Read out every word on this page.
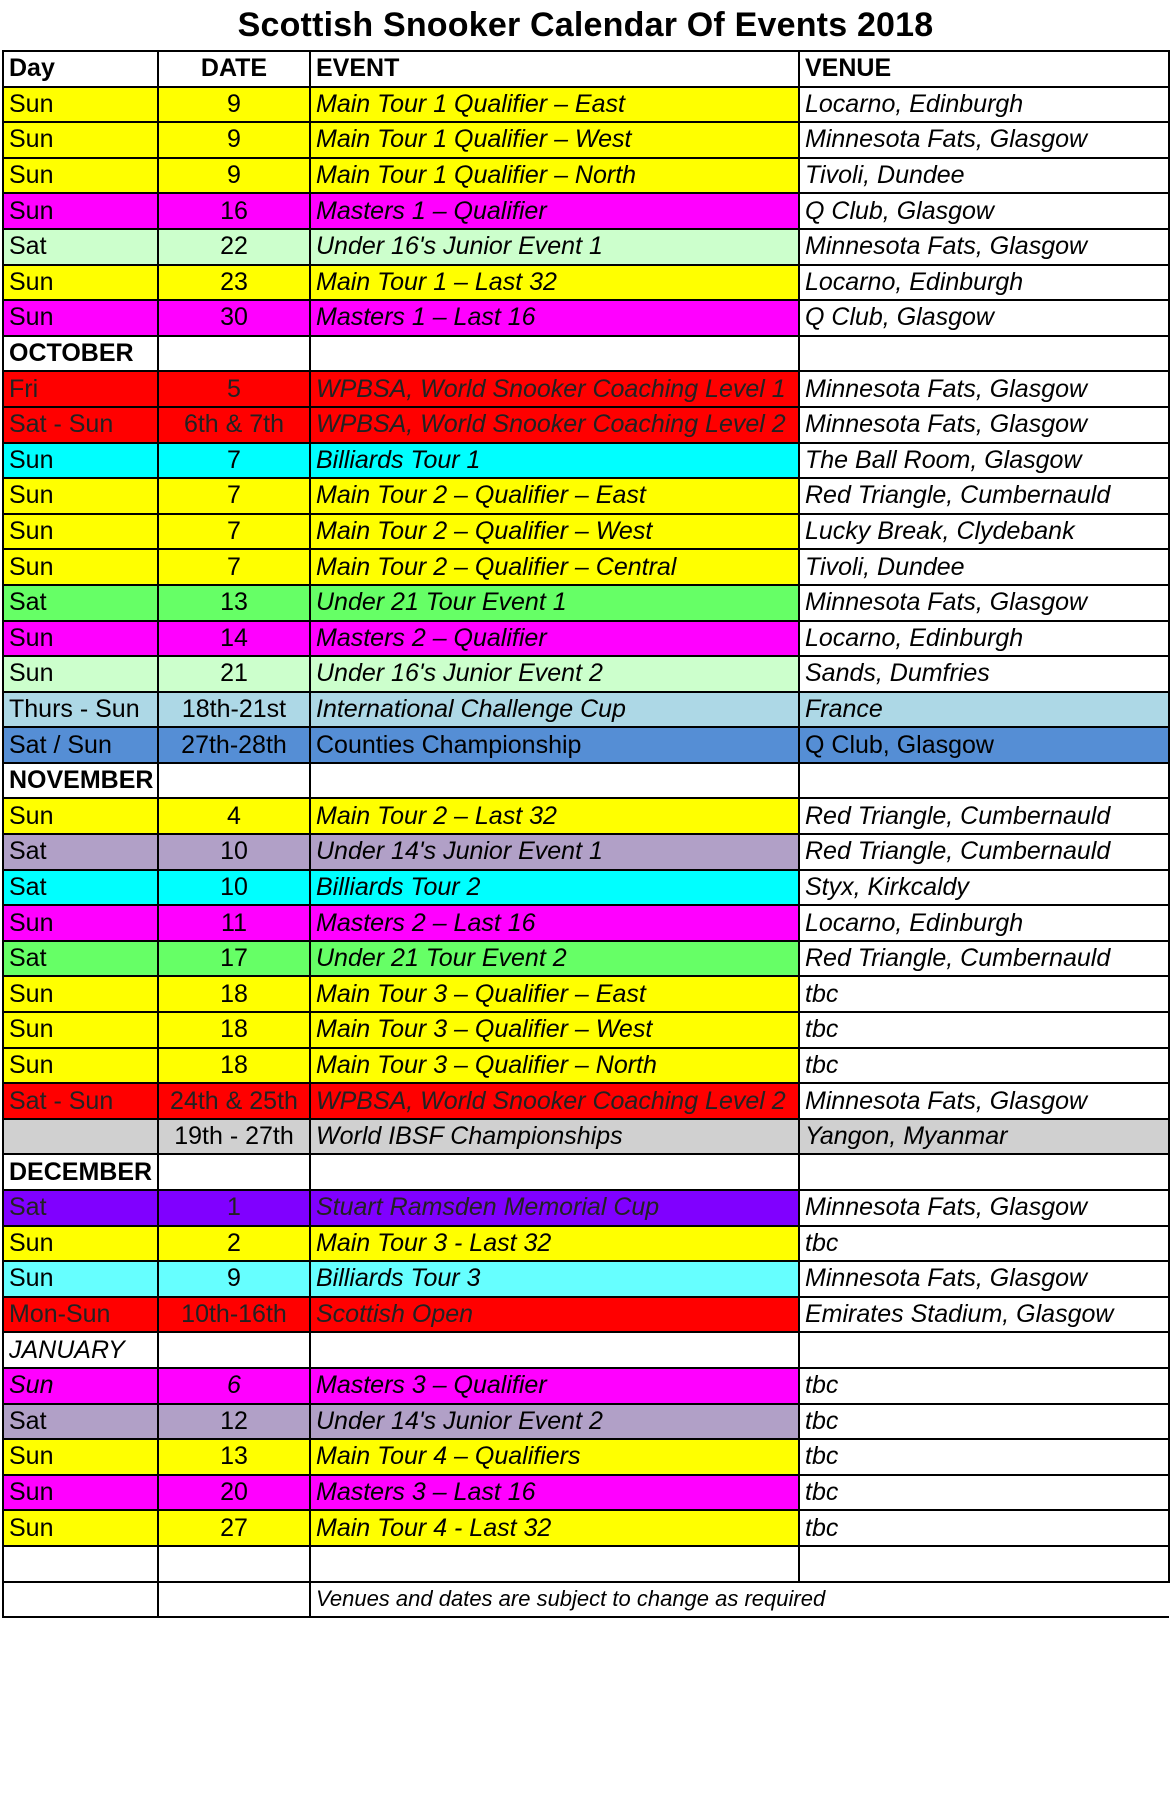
Scottish Snooker Calendar Of Events 2018
Day	DATE	EVENT	VENUE
Sun	9	Main Tour 1 Qualifier – East	Locarno, Edinburgh
Sun	9	Main Tour 1 Qualifier – West	Minnesota Fats, Glasgow
Sun	9	Main Tour 1 Qualifier – North	Tivoli, Dundee
Sun	16	Masters 1 – Qualifier	Q Club, Glasgow
Sat	22	Under 16's Junior Event 1	Minnesota Fats, Glasgow
Sun	23	Main Tour 1 – Last 32	Locarno, Edinburgh
Sun	30	Masters 1 – Last 16	Q Club, Glasgow
OCTOBER			
Fri	5	WPBSA, World Snooker Coaching Level 1	Minnesota Fats, Glasgow
Sat - Sun	6th & 7th	WPBSA, World Snooker Coaching Level 2	Minnesota Fats, Glasgow
Sun	7	Billiards Tour 1	The Ball Room, Glasgow
Sun	7	Main Tour 2 – Qualifier – East	Red Triangle, Cumbernauld
Sun	7	Main Tour 2 – Qualifier – West	Lucky Break, Clydebank
Sun	7	Main Tour 2 – Qualifier – Central	Tivoli, Dundee
Sat	13	Under 21 Tour Event 1	Minnesota Fats, Glasgow
Sun	14	Masters 2 – Qualifier	Locarno, Edinburgh
Sun	21	Under 16's Junior Event 2	Sands, Dumfries
Thurs - Sun	18th-21st	International Challenge Cup	France
Sat / Sun	27th-28th	Counties Championship	Q Club, Glasgow
NOVEMBER			
Sun	4	Main Tour 2 – Last 32	Red Triangle, Cumbernauld
Sat	10	Under 14's Junior Event 1	Red Triangle, Cumbernauld
Sat	10	Billiards Tour 2	Styx, Kirkcaldy
Sun	11	Masters 2 – Last 16	Locarno, Edinburgh
Sat	17	Under 21 Tour Event 2	Red Triangle, Cumbernauld
Sun	18	Main Tour 3 – Qualifier – East	tbc
Sun	18	Main Tour 3 – Qualifier – West	tbc
Sun	18	Main Tour 3 – Qualifier – North	tbc
Sat - Sun	24th & 25th	WPBSA, World Snooker Coaching Level 2	Minnesota Fats, Glasgow
	19th - 27th	World IBSF Championships	Yangon, Myanmar
DECEMBER			
Sat	1	Stuart Ramsden Memorial Cup	Minnesota Fats, Glasgow
Sun	2	Main Tour 3 - Last 32	tbc
Sun	9	Billiards Tour 3	Minnesota Fats, Glasgow
Mon-Sun	10th-16th	Scottish Open	Emirates Stadium, Glasgow
JANUARY			
Sun	6	Masters 3 – Qualifier	tbc
Sat	12	Under 14's Junior Event 2	tbc
Sun	13	Main Tour 4 – Qualifiers	tbc
Sun	20	Masters 3 – Last 16	tbc
Sun	27	Main Tour 4 - Last 32	tbc

		Venues and dates are subject to change as required	
